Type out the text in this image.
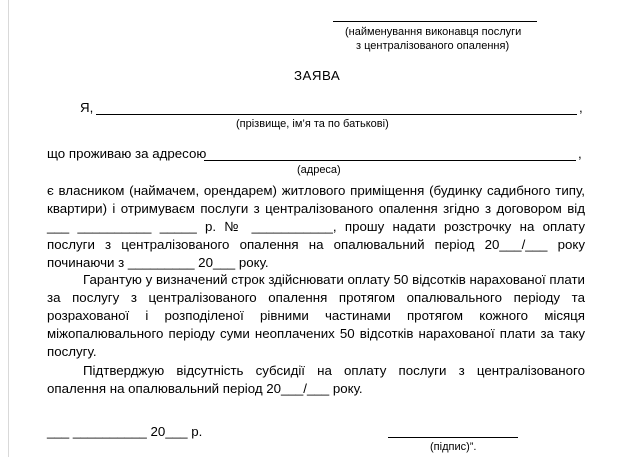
(найменування виконавця послуги
з централізованого опалення)
ЗАЯВА
Я,	,
(прізвище, ім’я та по батькові)
що проживаю за адресою	,
(адреса)
є власником (наймачем, орендарем) житлового приміщення (будинку садибного типу, квартири) і отримуваєм послуги з централізованого опалення згідно з договором від ___ __________ _____ р. № ___________, прошу надати розстрочку на оплату послуги з централізованого опалення на опалювальний період 20___/___ року починаючи з _________ 20___ року.
Гарантую у визначений строк здійснювати оплату 50 відсотків нарахованої плати за послугу з централізованого опалення протягом опалювального періоду та розрахованої і розподіленої рівними частинами протягом кожного місяця міжопалювального періоду суми неоплачених 50 відсотків нарахованої плати за таку послугу.
Підтверджую відсутність субсидії на оплату послуги з централізованого опалення на опалювальний період 20___/___ року.
___ __________ 20___ р.
(підпис)”.
